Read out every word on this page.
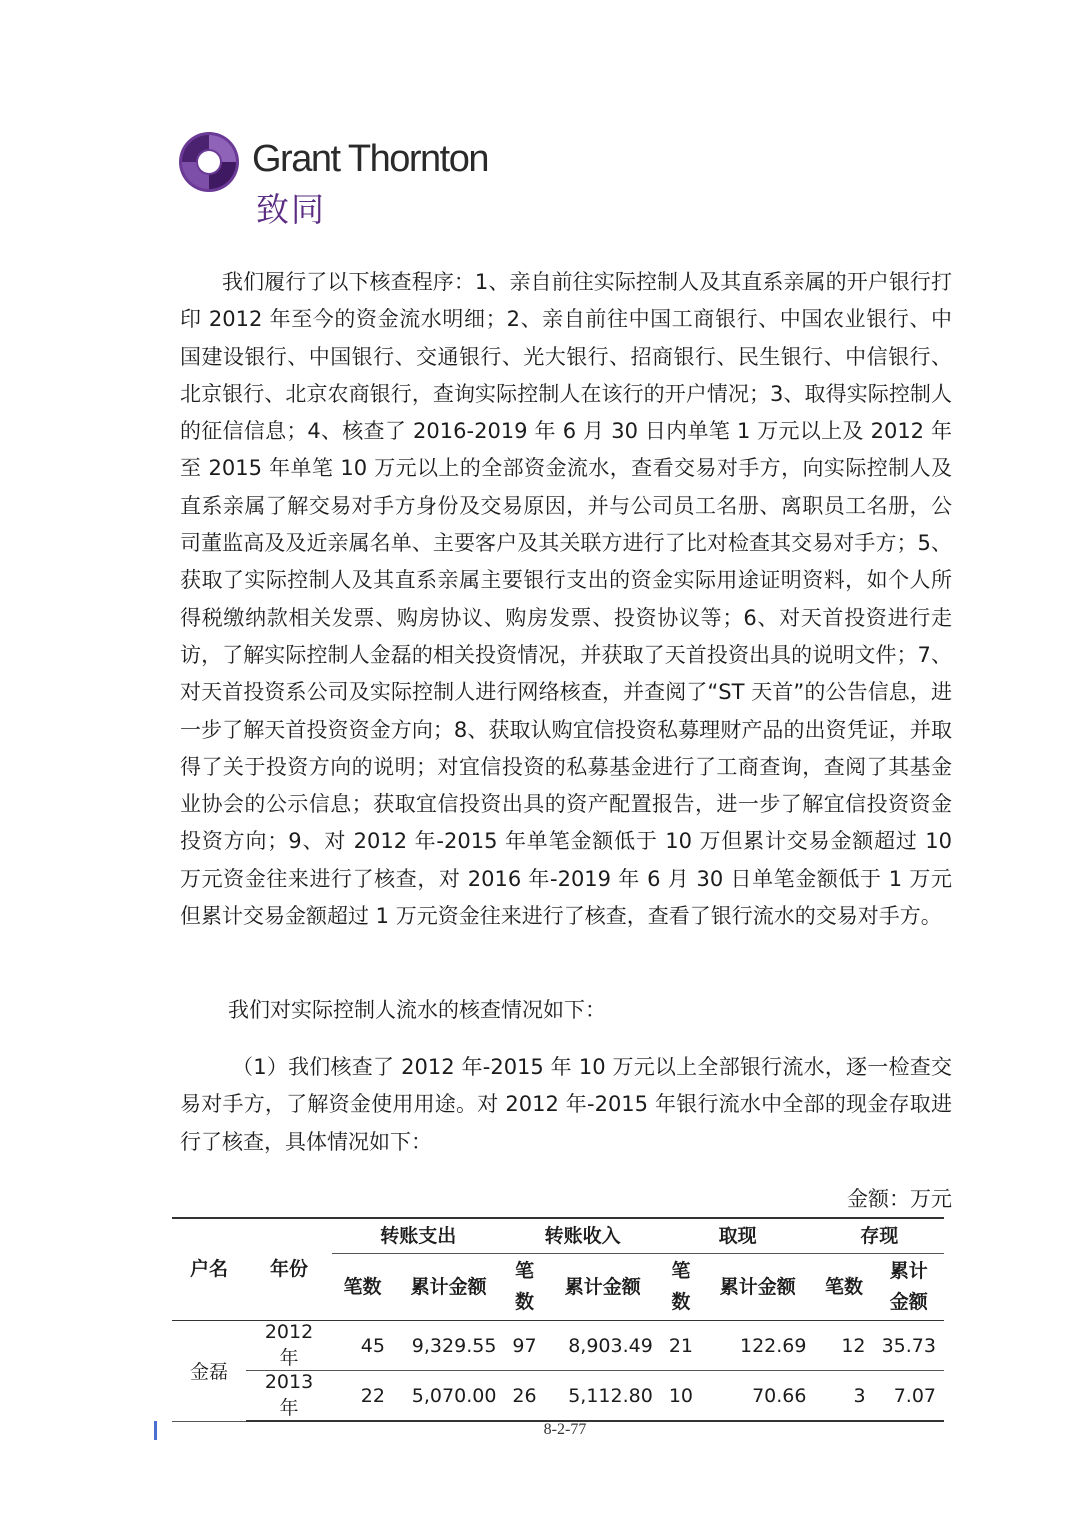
Grant Thornton
致同

我们履行了以下核查程序：1、亲自前往实际控制人及其直系亲属的开户银行打印 2012 年至今的资金流水明细；2、亲自前往中国工商银行、中国农业银行、中国建设银行、中国银行、交通银行、光大银行、招商银行、民生银行、中信银行、北京银行、北京农商银行，查询实际控制人在该行的开户情况；3、取得实际控制人的征信信息；4、核查了 2016-2019 年 6 月 30 日内单笔 1 万元以上及 2012 年至 2015 年单笔 10 万元以上的全部资金流水，查看交易对手方，向实际控制人及直系亲属了解交易对手方身份及交易原因，并与公司员工名册、离职员工名册，公司董监高及及近亲属名单、主要客户及其关联方进行了比对检查其交易对手方；5、获取了实际控制人及其直系亲属主要银行支出的资金实际用途证明资料，如个人所得税缴纳款相关发票、购房协议、购房发票、投资协议等；6、对天首投资进行走访，了解实际控制人金磊的相关投资情况，并获取了天首投资出具的说明文件；7、对天首投资系公司及实际控制人进行网络核查，并查阅了“ST 天首”的公告信息，进一步了解天首投资资金方向；8、获取认购宜信投资私募理财产品的出资凭证，并取得了关于投资方向的说明；对宜信投资的私募基金进行了工商查询，查阅了其基金业协会的公示信息；获取宜信投资出具的资产配置报告，进一步了解宜信投资资金投资方向；9、对 2012 年-2015 年单笔金额低于 10 万但累计交易金额超过 10 万元资金往来进行了核查，对 2016 年-2019 年 6 月 30 日单笔金额低于 1 万元但累计交易金额超过 1 万元资金往来进行了核查，查看了银行流水的交易对手方。

我们对实际控制人流水的核查情况如下：

（1）我们核查了 2012 年-2015 年 10 万元以上全部银行流水，逐一检查交易对手方，了解资金使用用途。对 2012 年-2015 年银行流水中全部的现金存取进行了核查，具体情况如下：

金额：万元
户名	年份	转账支出		转账收入		取现		存现	
		笔数	累计金额	笔数	累计金额	笔数	累计金额	笔数	累计金额
金磊	2012 年	45	9,329.55	97	8,903.49	21	122.69	12	35.73
	2013 年	22	5,070.00	26	5,112.80	10	70.66	3	7.07
8-2-77
